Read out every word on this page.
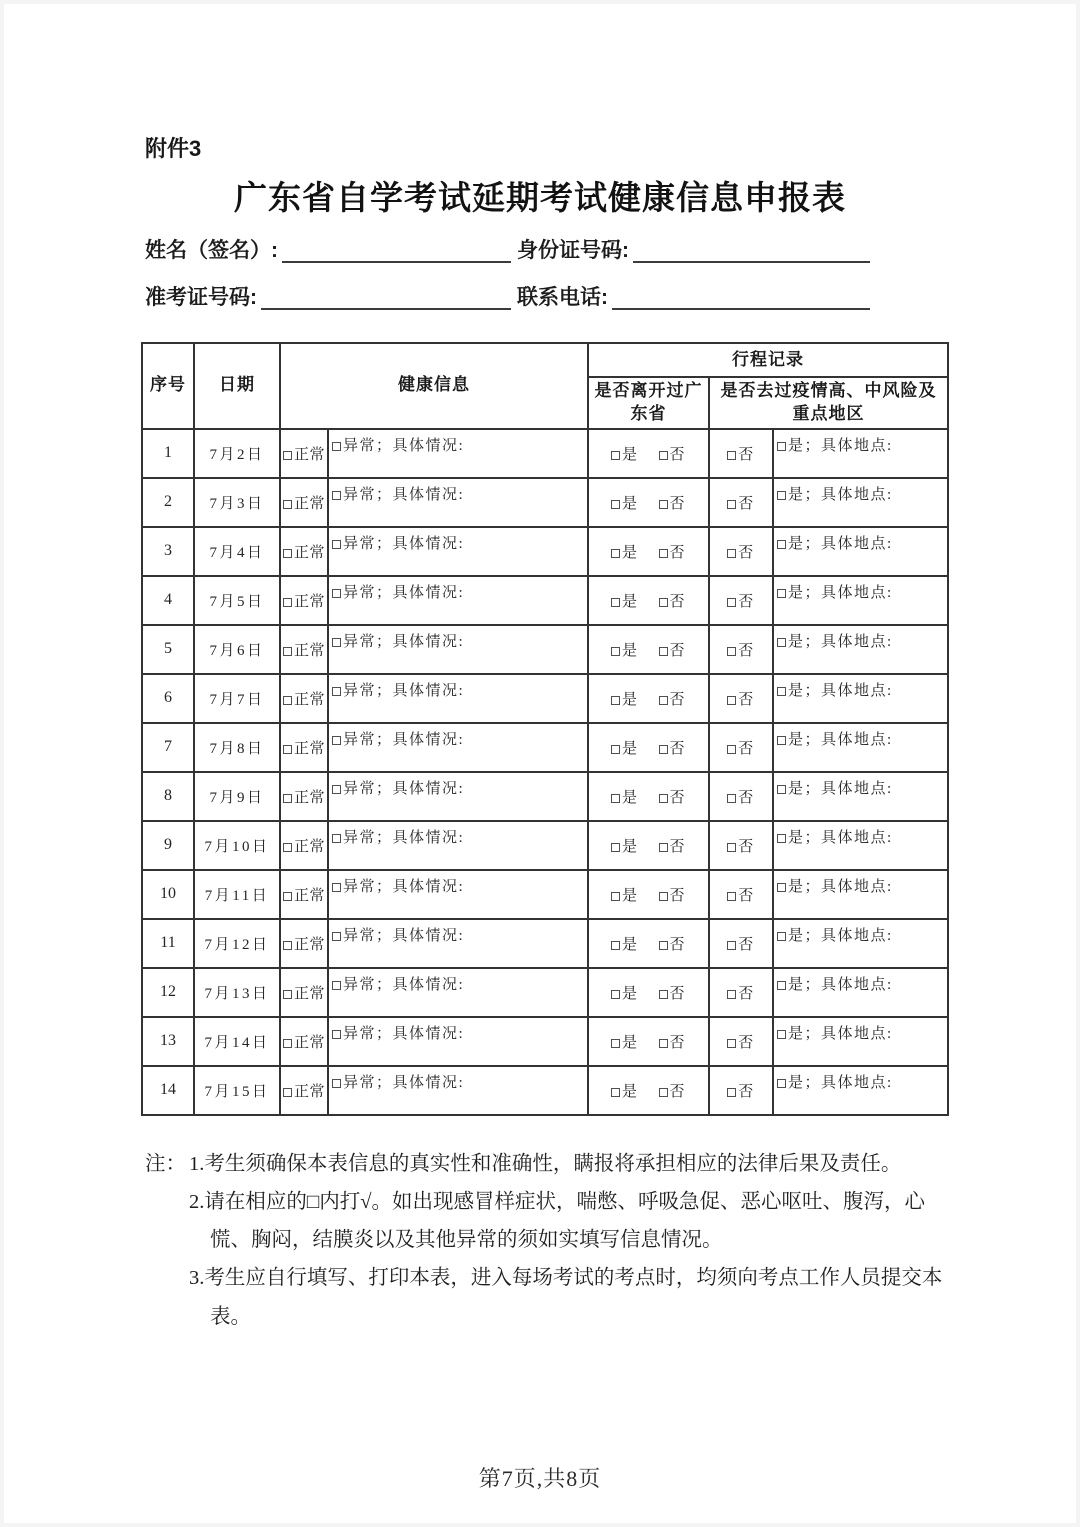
附件3
广东省自学考试延期考试健康信息申报表
姓名（签名）:	身份证号码:
准考证号码:	联系电话:
序号	日期	健康信息		行程记录		
				是否离开过广东省	是否去过疫情高、中风险及重点地区	
1	7月2日	正常	异常；具体情况:	是 否	否	是；具体地点:
2	7月3日	正常	异常；具体情况:	是 否	否	是；具体地点:
3	7月4日	正常	异常；具体情况:	是 否	否	是；具体地点:
4	7月5日	正常	异常；具体情况:	是 否	否	是；具体地点:
5	7月6日	正常	异常；具体情况:	是 否	否	是；具体地点:
6	7月7日	正常	异常；具体情况:	是 否	否	是；具体地点:
7	7月8日	正常	异常；具体情况:	是 否	否	是；具体地点:
8	7月9日	正常	异常；具体情况:	是 否	否	是；具体地点:
9	7月10日	正常	异常；具体情况:	是 否	否	是；具体地点:
10	7月11日	正常	异常；具体情况:	是 否	否	是；具体地点:
11	7月12日	正常	异常；具体情况:	是 否	否	是；具体地点:
12	7月13日	正常	异常；具体情况:	是 否	否	是；具体地点:
13	7月14日	正常	异常；具体情况:	是 否	否	是；具体地点:
14	7月15日	正常	异常；具体情况:	是 否	否	是；具体地点:
注： 1.考生须确保本表信息的真实性和准确性，瞒报将承担相应的法律后果及责任。

2.请在相应的□内打√。如出现感冒样症状，喘憋、呼吸急促、恶心呕吐、腹泻，心慌、胸闷，结膜炎以及其他异常的须如实填写信息情况。

3.考生应自行填写、打印本表，进入每场考试的考点时，均须向考点工作人员提交本表。

第7页,共8页
